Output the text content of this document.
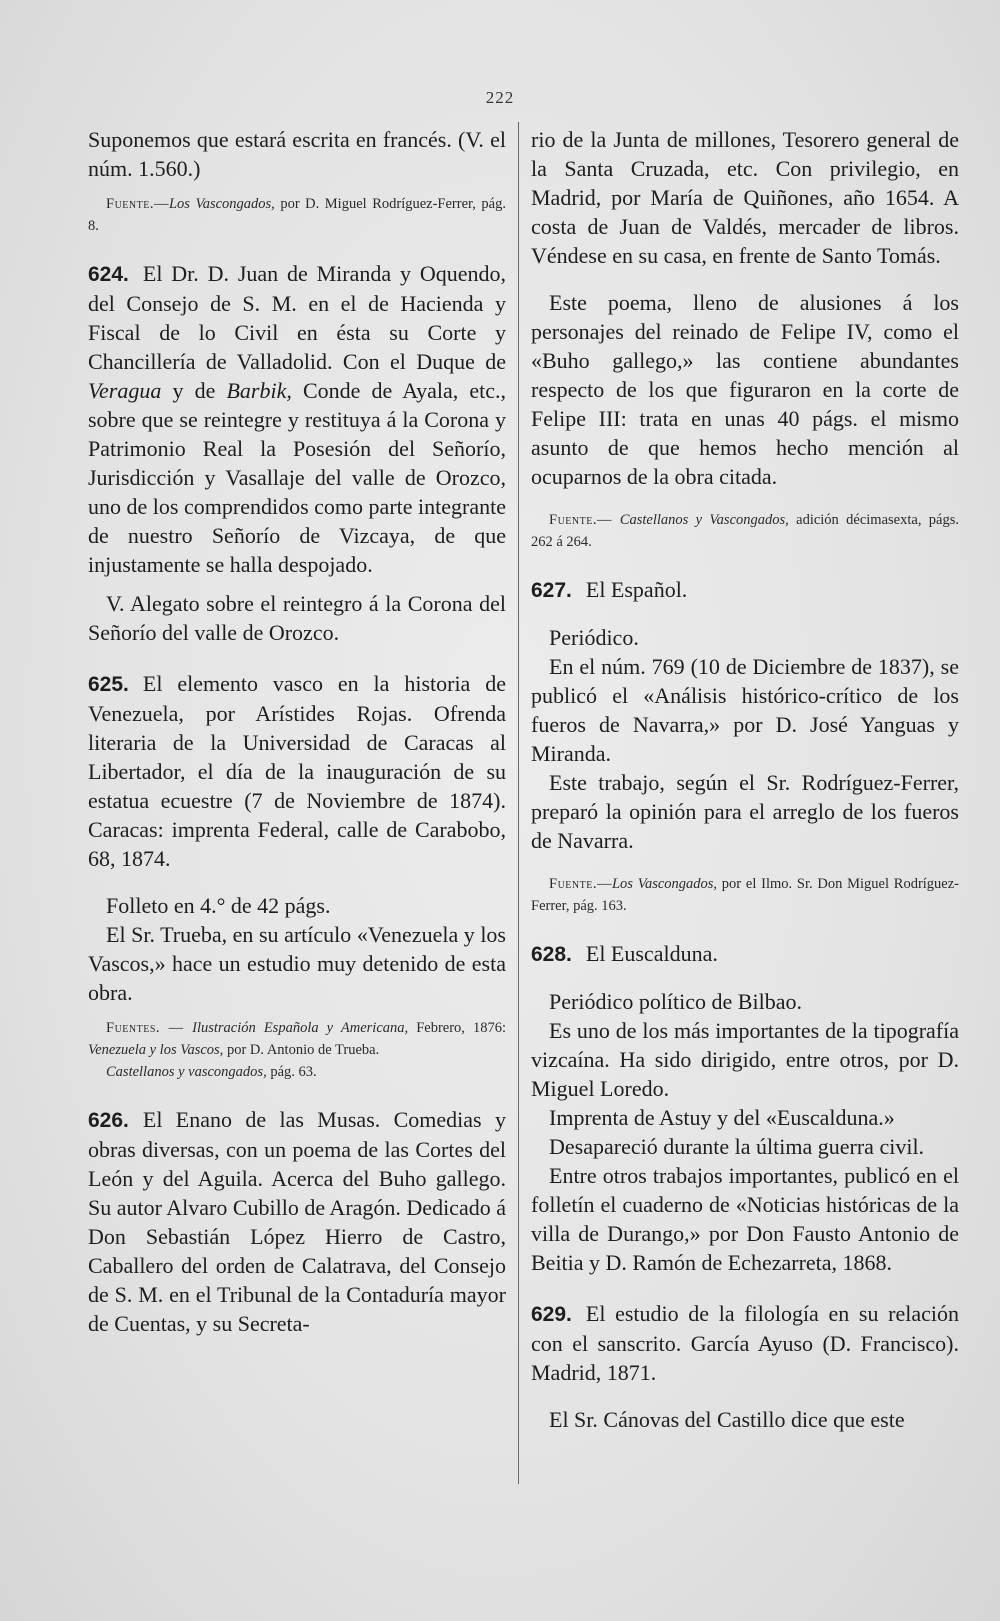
222

Suponemos que estará escrita en francés. (V. el núm. 1.560.)

Fuente.—Los Vascongados, por D. Miguel Rodríguez-Ferrer, pág. 8.

624. El Dr. D. Juan de Miranda y Oquendo, del Consejo de S. M. en el de Hacienda y Fiscal de lo Civil en ésta su Corte y Chancillería de Valladolid. Con el Duque de Veragua y de Barbik, Conde de Ayala, etc., sobre que se reintegre y restituya á la Corona y Patrimonio Real la Posesión del Señorío, Jurisdicción y Vasallaje del valle de Orozco, uno de los comprendidos como parte integrante de nuestro Señorío de Vizcaya, de que injustamente se halla despojado.

V. Alegato sobre el reintegro á la Corona del Señorío del valle de Orozco.

625. El elemento vasco en la historia de Venezuela, por Arístides Rojas. Ofrenda literaria de la Universidad de Caracas al Libertador, el día de la inauguración de su estatua ecuestre (7 de Noviembre de 1874). Caracas: imprenta Federal, calle de Carabobo, 68, 1874.

Folleto en 4.° de 42 págs.

El Sr. Trueba, en su artículo «Venezuela y los Vascos,» hace un estudio muy detenido de esta obra.

Fuentes. — Ilustración Española y Americana, Febrero, 1876: Venezuela y los Vascos, por D. Antonio de Trueba.

Castellanos y vascongados, pág. 63.

626. El Enano de las Musas. Comedias y obras diversas, con un poema de las Cortes del León y del Aguila. Acerca del Buho gallego. Su autor Alvaro Cubillo de Aragón. Dedicado á Don Sebastián López Hierro de Castro, Caballero del orden de Calatrava, del Consejo de S. M. en el Tribunal de la Contaduría mayor de Cuentas, y su Secreta-

rio de la Junta de millones, Tesorero general de la Santa Cruzada, etc. Con privilegio, en Madrid, por María de Quiñones, año 1654. A costa de Juan de Valdés, mercader de libros. Véndese en su casa, en frente de Santo Tomás.

Este poema, lleno de alusiones á los personajes del reinado de Felipe IV, como el «Buho gallego,» las contiene abundantes respecto de los que figuraron en la corte de Felipe III: trata en unas 40 págs. el mismo asunto de que hemos hecho mención al ocuparnos de la obra citada.

Fuente.— Castellanos y Vascongados, adición décimasexta, págs. 262 á 264.

627. El Español.

Periódico.

En el núm. 769 (10 de Diciembre de 1837), se publicó el «Análisis histórico-crítico de los fueros de Navarra,» por D. José Yanguas y Miranda.

Este trabajo, según el Sr. Rodríguez-Ferrer, preparó la opinión para el arreglo de los fueros de Navarra.

Fuente.—Los Vascongados, por el Ilmo. Sr. Don Miguel Rodríguez-Ferrer, pág. 163.

628. El Euscalduna.

Periódico político de Bilbao.

Es uno de los más importantes de la tipografía vizcaína. Ha sido dirigido, entre otros, por D. Miguel Loredo.

Imprenta de Astuy y del «Euscalduna.»

Desapareció durante la última guerra civil.

Entre otros trabajos importantes, publicó en el folletín el cuaderno de «Noticias históricas de la villa de Durango,» por Don Fausto Antonio de Beitia y D. Ramón de Echezarreta, 1868.

629. El estudio de la filología en su relación con el sanscrito. García Ayuso (D. Francisco). Madrid, 1871.

El Sr. Cánovas del Castillo dice que este
